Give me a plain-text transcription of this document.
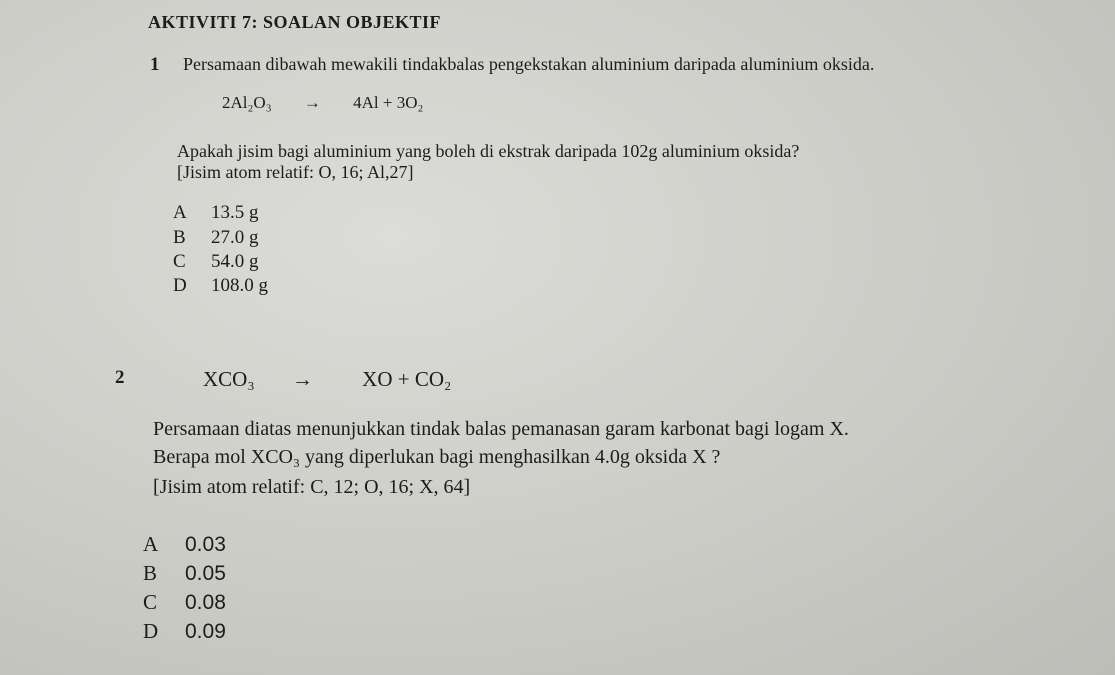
AKTIVITI 7: SOALAN OBJEKTIF
1 Persamaan dibawah mewakili tindakbalas pengekstakan aluminium daripada aluminium oksida.
2Al₂O₃ → 4Al + 3O₂
Apakah jisim bagi aluminium yang boleh di ekstrak daripada 102g aluminium oksida?
[Jisim atom relatif: O, 16; Al,27]
A 13.5 g
B 27.0 g
C 54.0 g
D 108.0 g
2	XCO₃ → XO + CO₂
Persamaan diatas menunjukkan tindak balas pemanasan garam karbonat bagi logam X.
Berapa mol XCO₃ yang diperlukan bagi menghasilkan 4.0g oksida X ?
[Jisim atom relatif: C, 12; O, 16; X, 64]
A 0.03
B 0.05
C 0.08
D 0.09
